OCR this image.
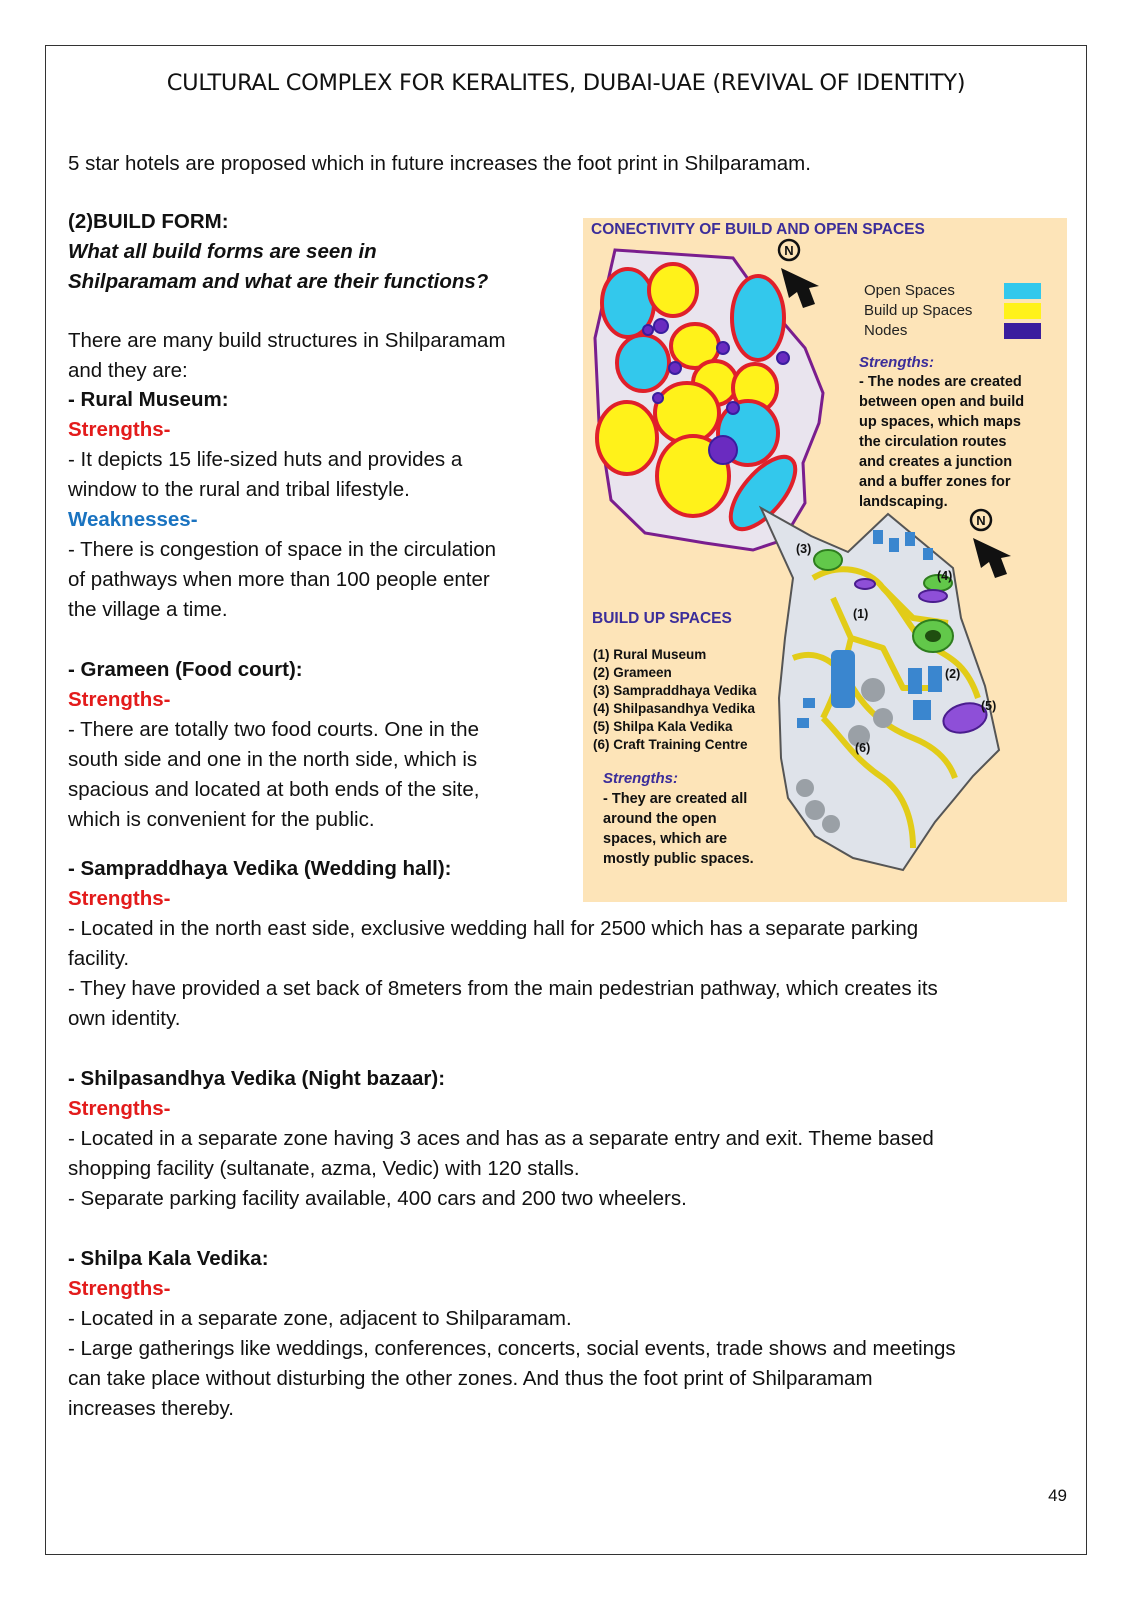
CULTURAL COMPLEX FOR KERALITES, DUBAI-UAE (REVIVAL OF IDENTITY)
5 star hotels are proposed which in future increases the foot print in Shilparamam.
(2)BUILD FORM:
What all build forms are seen in
Shilparamam and what are their functions?
There are many build structures in Shilparamam
and they are:
- Rural Museum:
Strengths-
- It depicts 15 life-sized huts and provides a
window to the rural and tribal lifestyle.
Weaknesses-
- There is congestion of space in the circulation
of pathways when more than 100 people enter
the village a time.
- Grameen (Food court):
Strengths-
- There are totally two food courts. One in the
south side and one in the north side, which is
spacious and located at both ends of the site,
which is convenient for the public.
- Sampraddhaya Vedika (Wedding hall):
Strengths-
- Located in the north east side, exclusive wedding hall for 2500 which has a separate parking
facility.
- They have provided a set back of 8meters from the main pedestrian pathway, which creates its
own identity.
- Shilpasandhya Vedika (Night bazaar):
Strengths-
- Located in a separate zone having 3 aces and has as a separate entry and exit. Theme based
shopping facility (sultanate, azma, Vedic) with 120 stalls.
- Separate parking facility available, 400 cars and 200 two wheelers.
- Shilpa Kala Vedika:
Strengths-
- Located in a separate zone, adjacent to Shilparamam.
- Large gatherings like weddings, conferences, concerts, social events, trade shows and meetings
can take place without disturbing the other zones. And thus the foot print of Shilparamam
increases thereby.
49
CONECTIVITY OF BUILD AND OPEN SPACES
N
N
Open Spaces
Build up Spaces
Nodes
Strengths:
- The nodes are created
between open and build
up spaces, which maps
the circulation routes
and creates a junction
and a buffer zones for
landscaping.
BUILD UP SPACES
(1) Rural Museum
(2) Grameen
(3) Sampraddhaya Vedika
(4) Shilpasandhya Vedika
(5) Shilpa Kala Vedika
(6) Craft Training Centre
(1)
(2)
(3)
(4)
(5)
(6)
Strengths:
- They are created all
around the open
spaces, which are
mostly public spaces.
